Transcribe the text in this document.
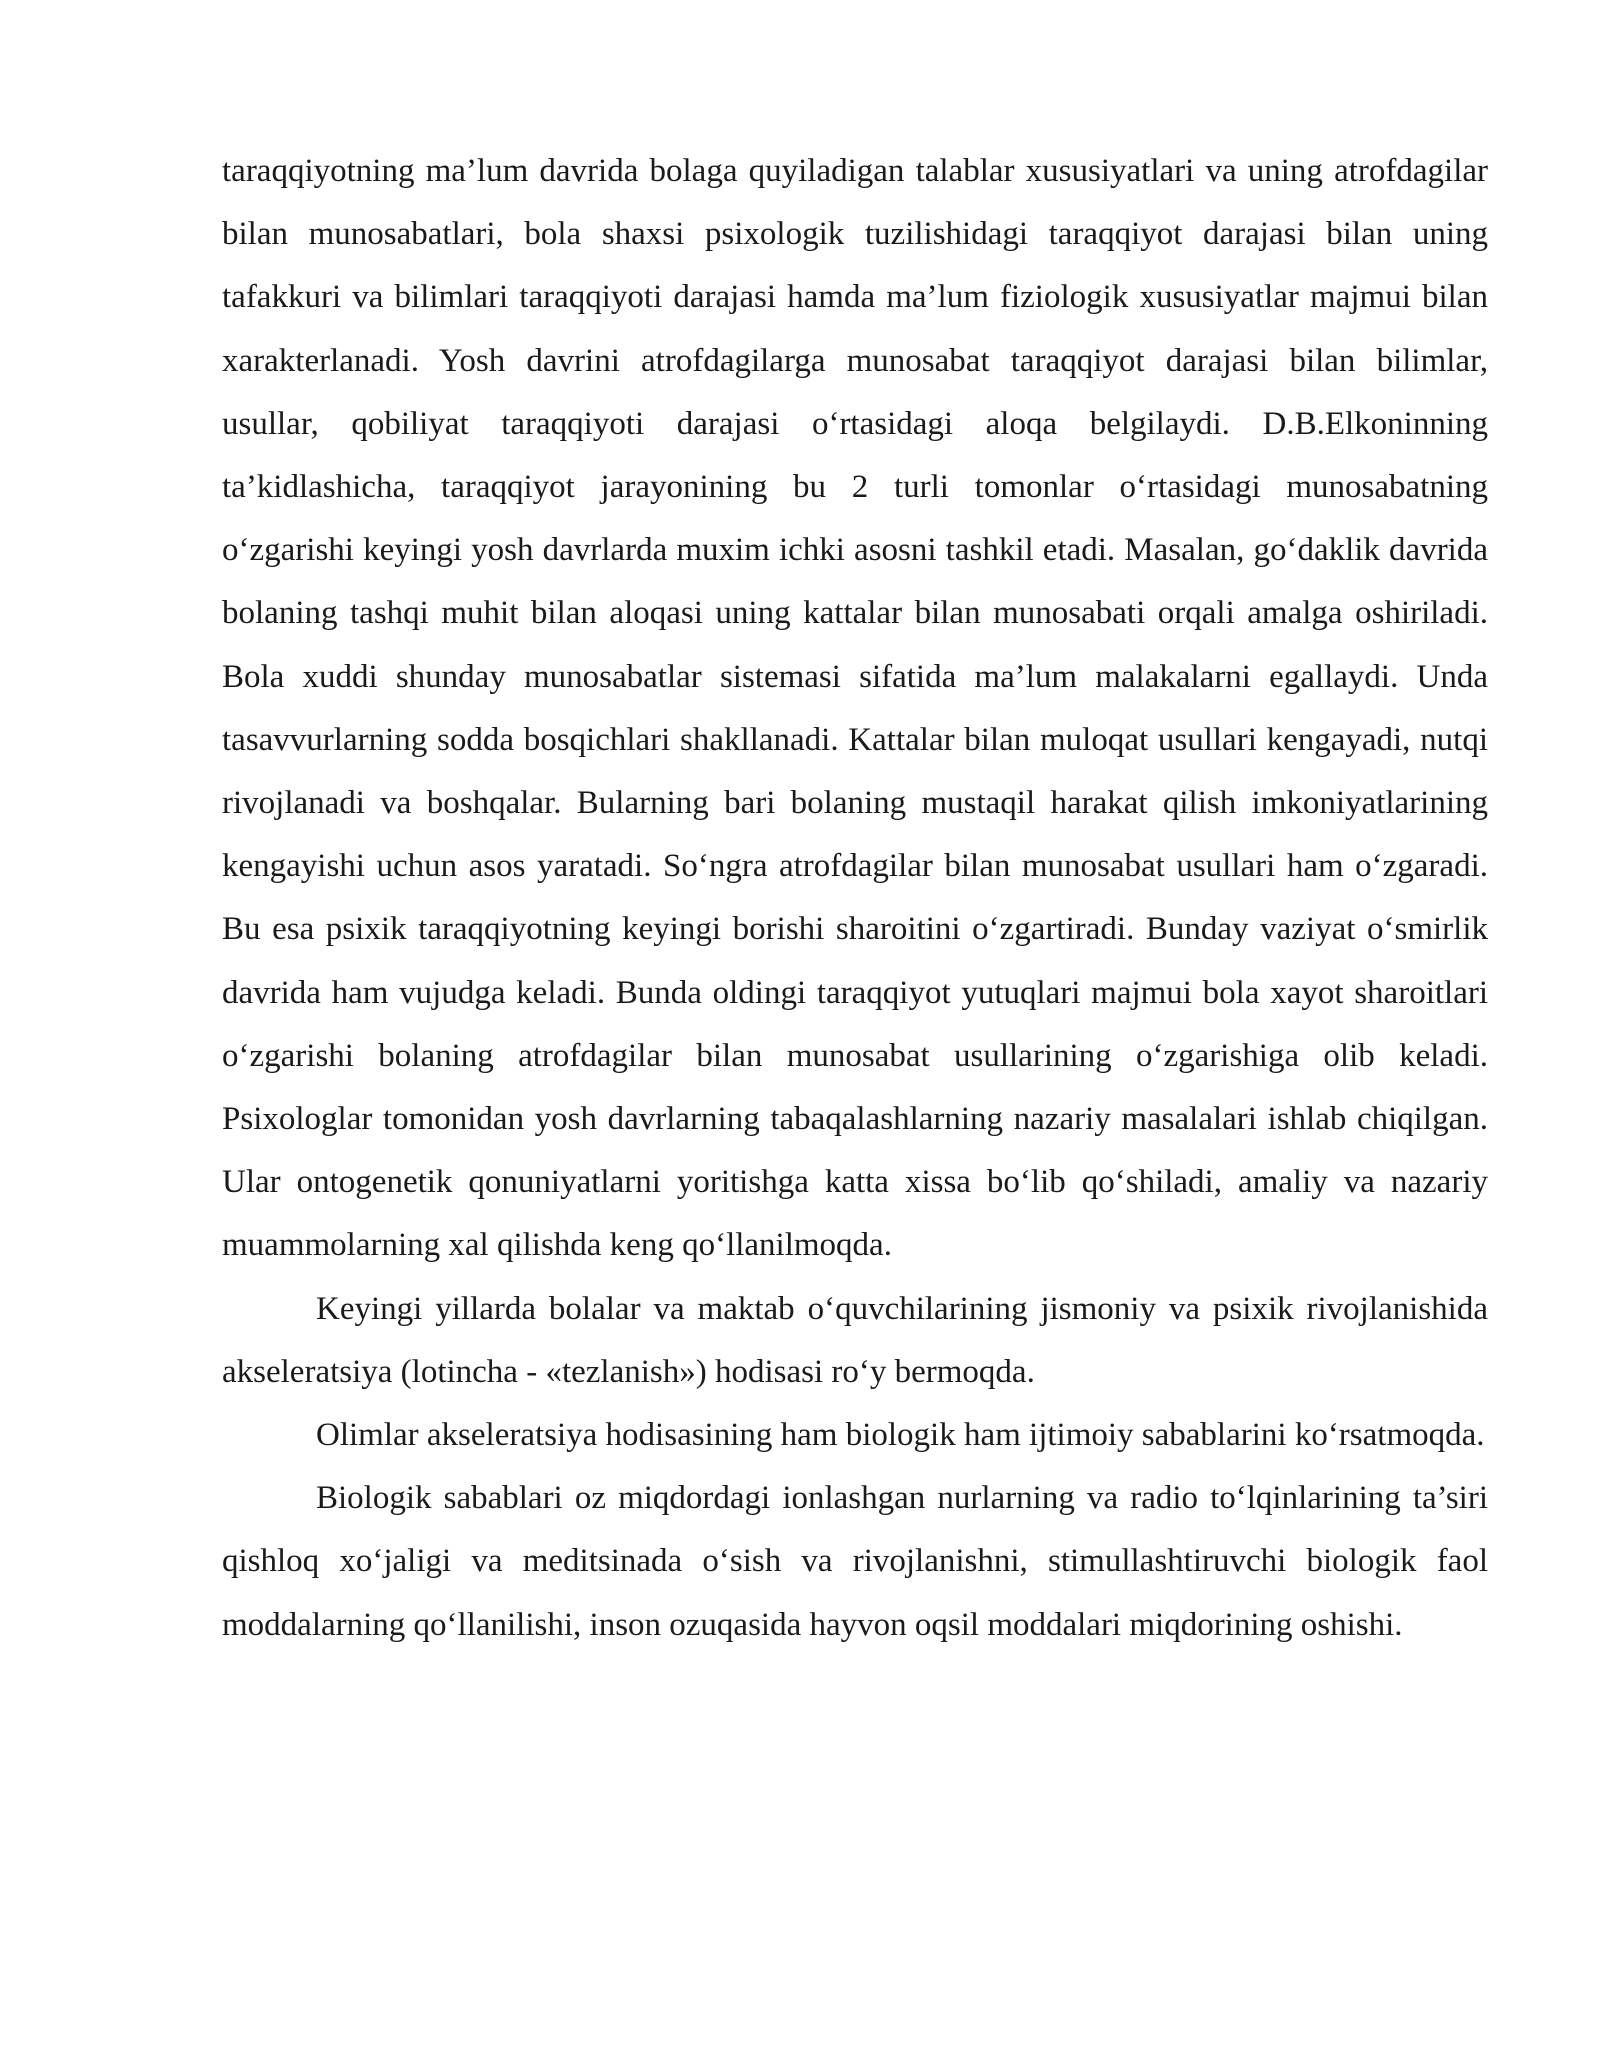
taraqqiyotning ma’lum davrida bolaga quyiladigan talablar xususiyatlari va uning atrofdagilar bilan munosabatlari, bola shaxsi psixologik tuzilishidagi taraqqiyot darajasi bilan uning tafakkuri va bilimlari taraqqiyoti darajasi hamda ma’lum fiziologik xususiyatlar majmui bilan xarakterlanadi. Yosh davrini atrofdagilarga munosabat taraqqiyot darajasi bilan bilimlar, usullar, qobiliyat taraqqiyoti darajasi o‘rtasidagi aloqa belgilaydi. D.B.Elkoninning ta’kidlashicha, taraqqiyot jarayonining bu 2 turli tomonlar o‘rtasidagi munosabatning o‘zgarishi keyingi yosh davrlarda muxim ichki asosni tashkil etadi. Masalan, go‘daklik davrida bolaning tashqi muhit bilan aloqasi uning kattalar bilan munosabati orqali amalga oshiriladi. Bola xuddi shunday munosabatlar sistemasi sifatida ma’lum malakalarni egallaydi. Unda tasavvurlarning sodda bosqichlari shakllanadi. Kattalar bilan muloqat usullari kengayadi, nutqi rivojlanadi va boshqalar. Bularning bari bolaning mustaqil harakat qilish imkoniyatlarining kengayishi uchun asos yaratadi. So‘ngra atrofdagilar bilan munosabat usullari ham o‘zgaradi. Bu esa psixik taraqqiyotning keyingi borishi sharoitini o‘zgartiradi. Bunday vaziyat o‘smirlik davrida ham vujudga keladi. Bunda oldingi taraqqiyot yutuqlari majmui bola xayot sharoitlari o‘zgarishi bolaning atrofdagilar bilan munosabat usullarining o‘zgarishiga olib keladi. Psixologlar tomonidan yosh davrlarning tabaqalashlarning nazariy masalalari ishlab chiqilgan. Ular ontogenetik qonuniyatlarni yoritishga katta xissa bo‘lib qo‘shiladi, amaliy va nazariy muammolarning xal qilishda keng qo‘llanilmoqda.

Keyingi yillarda bolalar va maktab o‘quvchilarining jismoniy va psixik rivojlanishida akseleratsiya (lotincha - «tezlanish») hodisasi ro‘y bermoqda.

Olimlar akseleratsiya hodisasining ham biologik ham ijtimoiy sabablarini ko‘rsatmoqda.

Biologik sabablari oz miqdordagi ionlashgan nurlarning va radio to‘lqinlarining ta’siri qishloq xo‘jaligi va meditsinada o‘sish va rivojlanishni, stimullashtiruvchi biologik faol moddalarning qo‘llanilishi, inson ozuqasida hayvon oqsil moddalari miqdorining oshishi.
